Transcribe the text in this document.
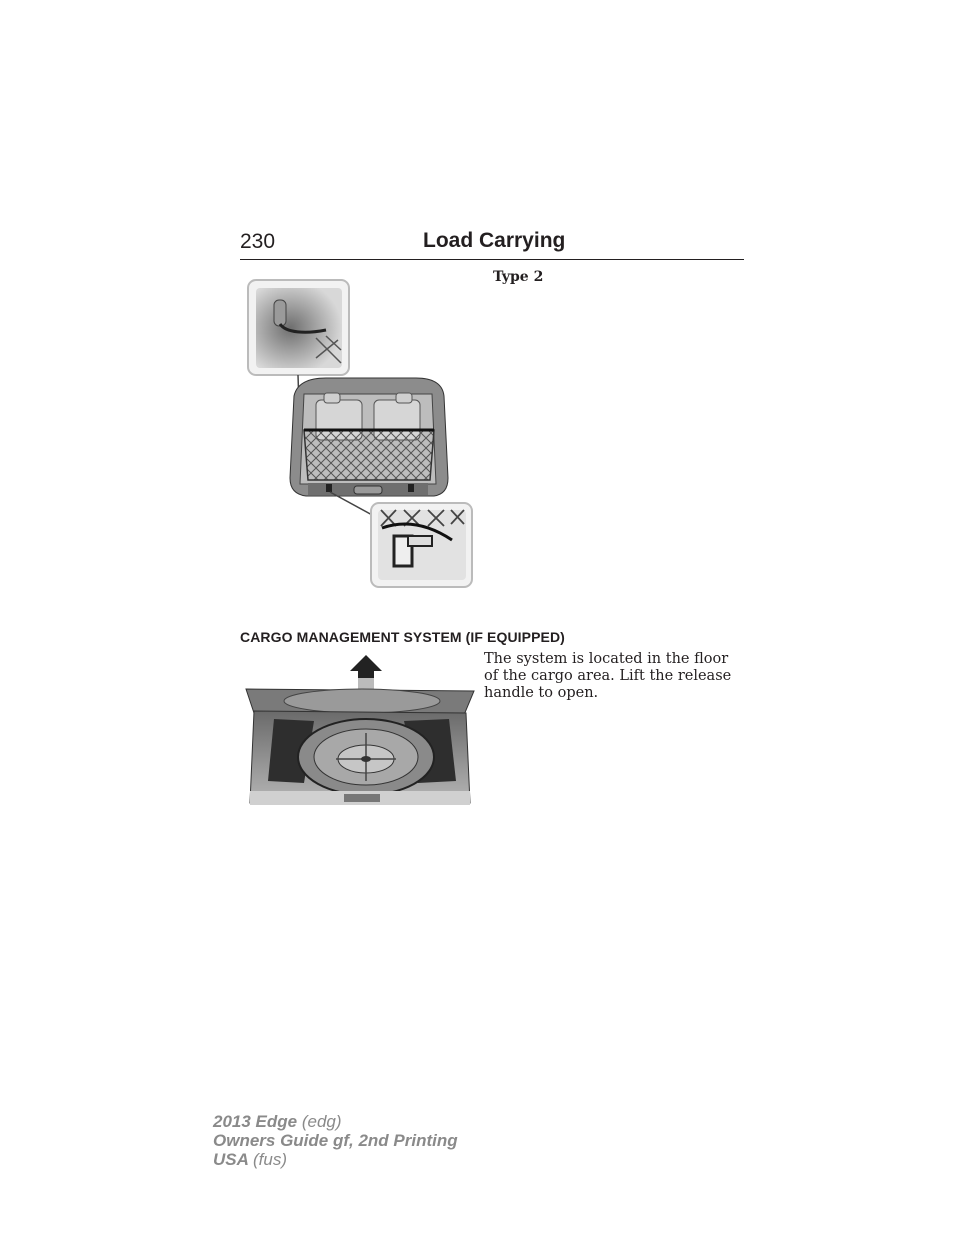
230	Load Carrying
Type 2
CARGO MANAGEMENT SYSTEM (IF EQUIPPED)
The system is located in the floor of the cargo area. Lift the release handle to open.
2013 Edge (edg)
Owners Guide gf, 2nd Printing
USA (fus)
